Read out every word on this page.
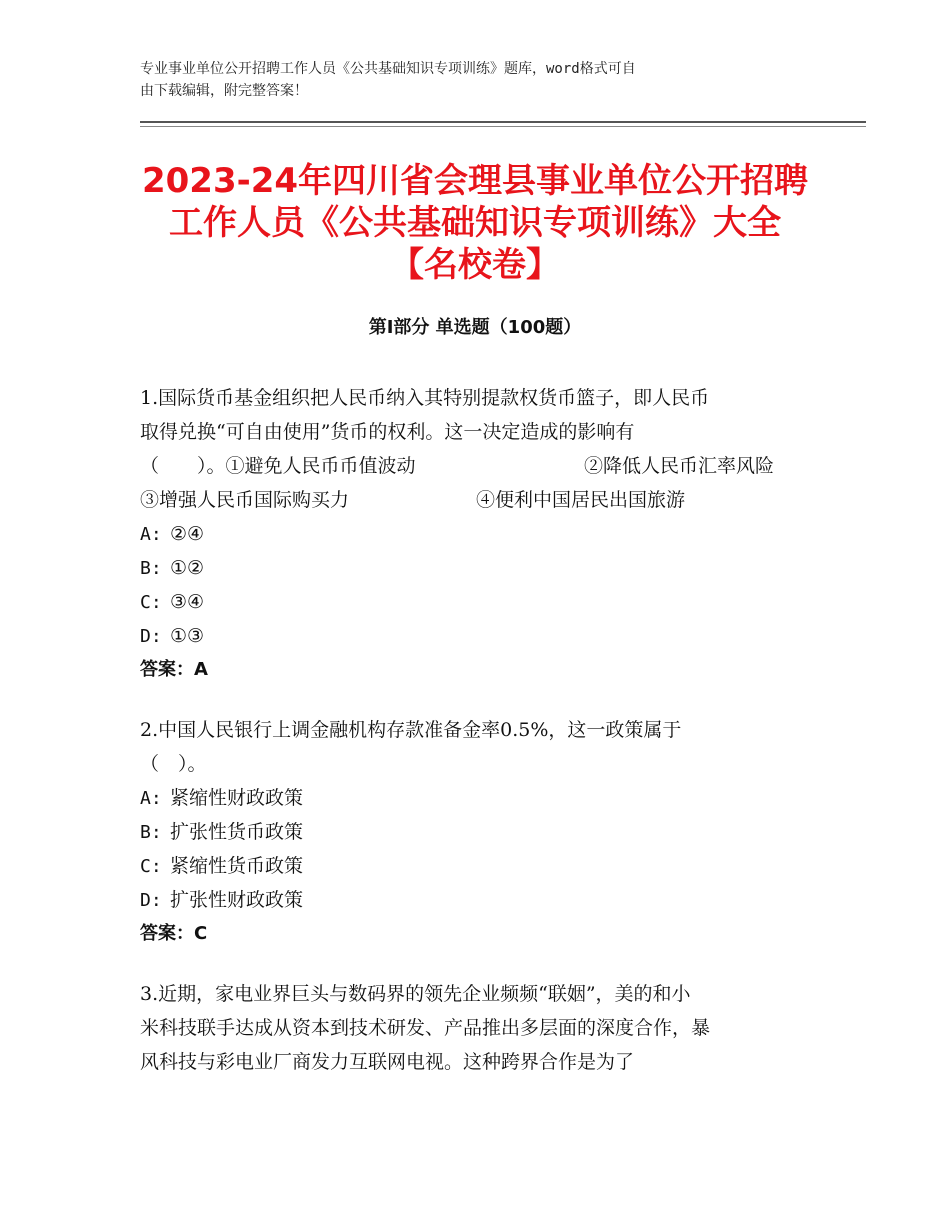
专业事业单位公开招聘工作人员《公共基础知识专项训练》题库，word格式可自
由下载编辑，附完整答案！
2023-24年四川省会理县事业单位公开招聘
工作人员《公共基础知识专项训练》大全
【名校卷】
第Ⅰ部分 单选题（100题）
1.国际货币基金组织把人民币纳入其特别提款权货币篮子，即人民币
取得兑换“可自由使用”货币的权利。这一决定造成的影响有
（　　）。①避免人民币币值波动	②降低人民币汇率风险
③增强人民币国际购买力	④便利中国居民出国旅游
A: ②④
B: ①②
C: ③④
D: ①③
答案：A
2.中国人民银行上调金融机构存款准备金率0.5%，这一政策属于
（　）。
A: 紧缩性财政政策
B: 扩张性货币政策
C: 紧缩性货币政策
D: 扩张性财政政策
答案：C
3.近期，家电业界巨头与数码界的领先企业频频“联姻”，美的和小
米科技联手达成从资本到技术研发、产品推出多层面的深度合作，暴
风科技与彩电业厂商发力互联网电视。这种跨界合作是为了
